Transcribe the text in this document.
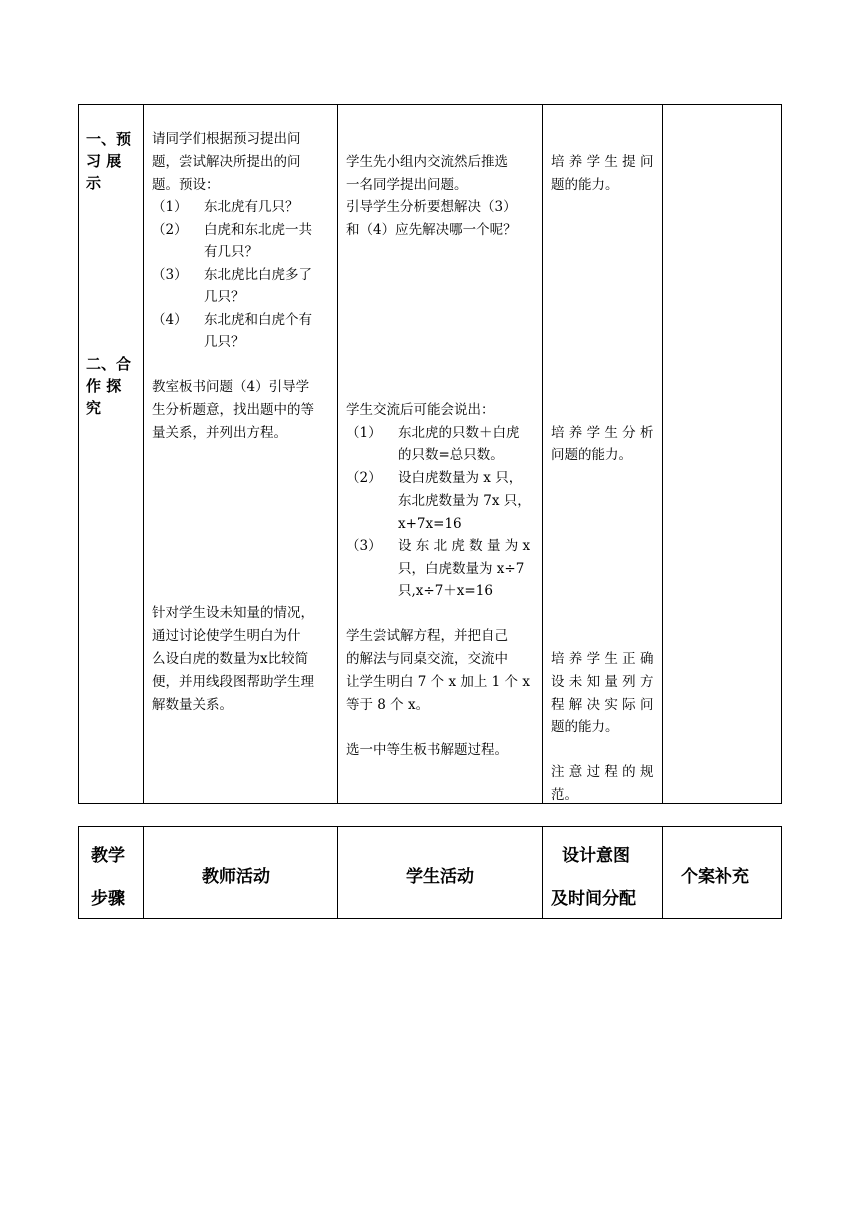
一、预
习 展
示
二、合
作 探
究
请同学们根据预习提出问
题，尝试解决所提出的问
题。预设：
（1） 东北虎有几只？
（2） 白虎和东北虎一共
有几只？
（3） 东北虎比白虎多了
几只？
（4） 东北虎和白虎个有
几只？
教室板书问题（4）引导学
生分析题意，找出题中的等
量关系，并列出方程。
针对学生设未知量的情况，
通过讨论使学生明白为什
么设白虎的数量为x比较简
便，并用线段图帮助学生理
解数量关系。
学生先小组内交流然后推选
一名同学提出问题。
引导学生分析要想解决（3）
和（4）应先解决哪一个呢？
学生交流后可能会说出：
（1） 东北虎的只数＋白虎
的只数=总只数。
（2） 设白虎数量为 x 只，
东北虎数量为 7x 只，
x+7x=16
（3） 设 东 北 虎 数 量 为 x
只，白虎数量为 x÷7
只,x÷7＋x=16
学生尝试解方程，并把自己
的解法与同桌交流，交流中
让学生明白 7 个 x 加上 1 个 x
等于 8 个 x。
选一中等生板书解题过程。
培 养 学 生 提 问
题的能力。
培 养 学 生 分 析
问题的能力。
培 养 学 生 正 确
设 未 知 量 列 方
程 解 决 实 际 问
题的能力。
注 意 过 程 的 规
范。
教学
步骤
教师活动	学生活动
设计意图
及时间分配
个案补充
